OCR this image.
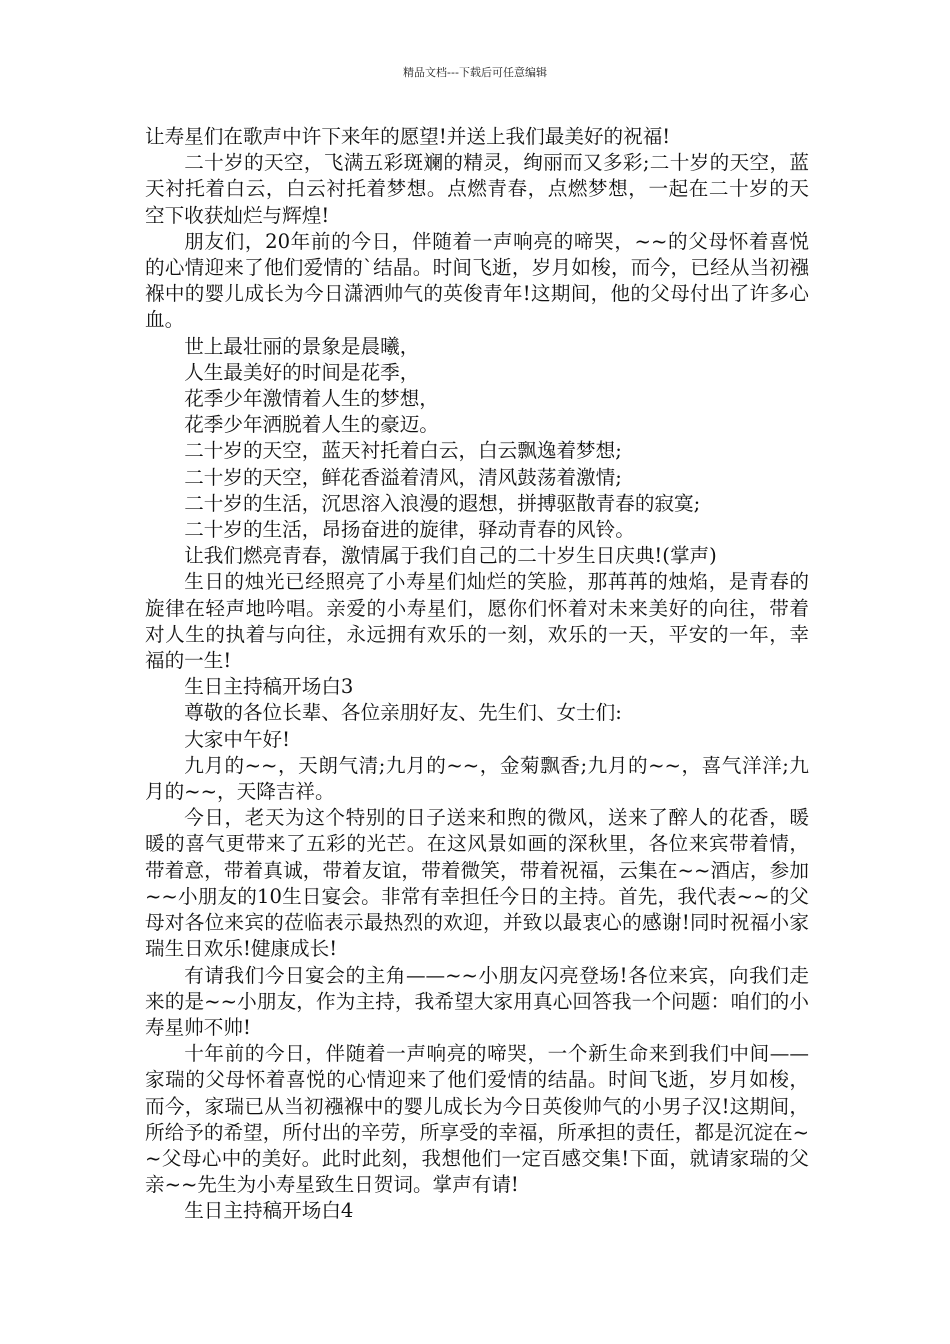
精品文档---下载后可任意编辑

让寿星们在歌声中许下来年的愿望!并送上我们最美好的祝福!

二十岁的天空，飞满五彩斑斓的精灵，绚丽而又多彩;二十岁的天空，蓝天衬托着白云，白云衬托着梦想。点燃青春，点燃梦想，一起在二十岁的天空下收获灿烂与辉煌!

朋友们，20年前的今日，伴随着一声响亮的啼哭，~~的父母怀着喜悦的心情迎来了他们爱情的`结晶。时间飞逝，岁月如梭，而今，已经从当初襁褓中的婴儿成长为今日潇洒帅气的英俊青年!这期间，他的父母付出了许多心血。

世上最壮丽的景象是晨曦，

人生最美好的时间是花季，

花季少年激情着人生的梦想，

花季少年洒脱着人生的豪迈。

二十岁的天空，蓝天衬托着白云，白云飘逸着梦想;

二十岁的天空，鲜花香溢着清风，清风鼓荡着激情;

二十岁的生活，沉思溶入浪漫的遐想，拼搏驱散青春的寂寞;

二十岁的生活，昂扬奋进的旋律，驿动青春的风铃。

让我们燃亮青春，激情属于我们自己的二十岁生日庆典!(掌声)

生日的烛光已经照亮了小寿星们灿烂的笑脸，那苒苒的烛焰，是青春的旋律在轻声地吟唱。亲爱的小寿星们，愿你们怀着对未来美好的向往，带着对人生的执着与向往，永远拥有欢乐的一刻，欢乐的一天，平安的一年，幸福的一生!

生日主持稿开场白3

尊敬的各位长辈、各位亲朋好友、先生们、女士们:

大家中午好!

九月的~~，天朗气清;九月的~~，金菊飘香;九月的~~，喜气洋洋;九月的~~，天降吉祥。

今日，老天为这个特别的日子送来和煦的微风，送来了醉人的花香，暖暖的喜气更带来了五彩的光芒。在这风景如画的深秋里，各位来宾带着情，带着意，带着真诚，带着友谊，带着微笑，带着祝福，云集在~~酒店，参加~~小朋友的10生日宴会。非常有幸担任今日的主持。首先，我代表~~的父母对各位来宾的莅临表示最热烈的欢迎，并致以最衷心的感谢!同时祝福小家瑞生日欢乐!健康成长!

有请我们今日宴会的主角——~~小朋友闪亮登场!各位来宾，向我们走来的是~~小朋友，作为主持，我希望大家用真心回答我一个问题：咱们的小寿星帅不帅!

十年前的今日，伴随着一声响亮的啼哭，一个新生命来到我们中间——家瑞的父母怀着喜悦的心情迎来了他们爱情的结晶。时间飞逝，岁月如梭，而今，家瑞已从当初襁褓中的婴儿成长为今日英俊帅气的小男子汉!这期间，所给予的希望，所付出的辛劳，所享受的幸福，所承担的责任，都是沉淀在~~父母心中的美好。此时此刻，我想他们一定百感交集!下面，就请家瑞的父亲~~先生为小寿星致生日贺词。掌声有请!

生日主持稿开场白4
